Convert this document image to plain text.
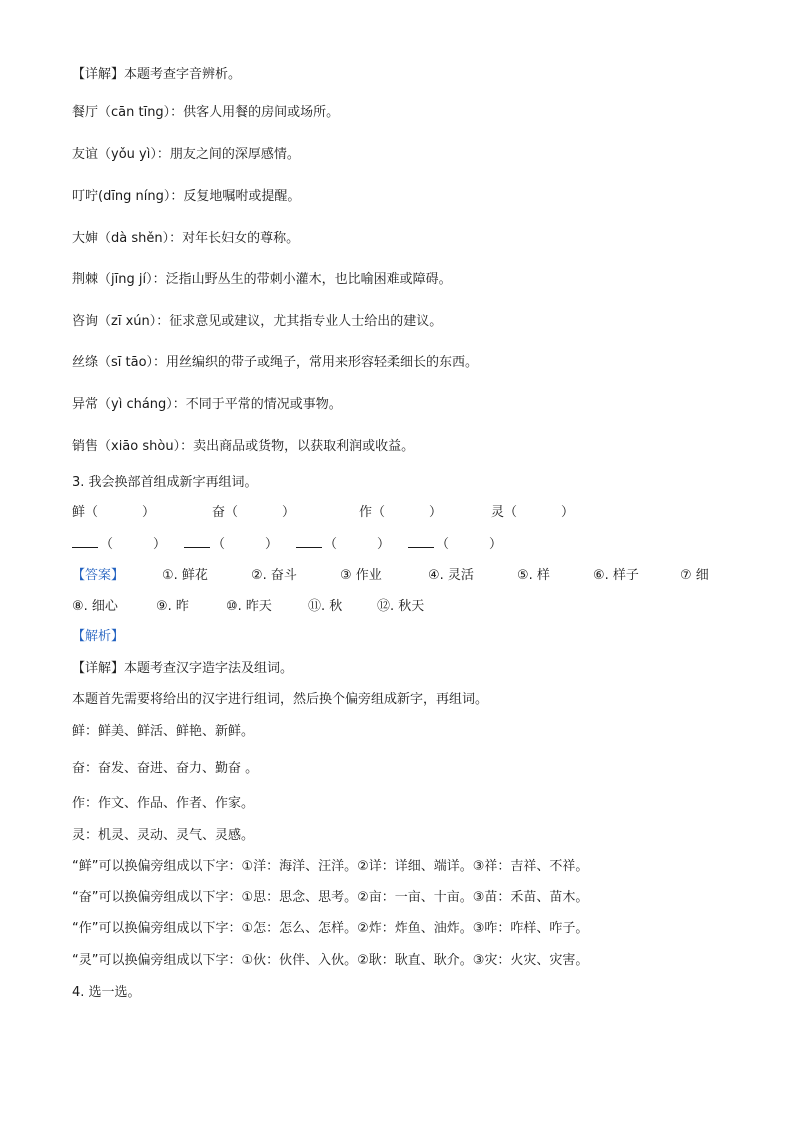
【详解】本题考查字音辨析。
餐厅（cān tīng）：供客人用餐的房间或场所。
友谊（yǒu yì）：朋友之间的深厚感情。
叮咛(dīng níng）：反复地嘱咐或提醒。
大婶（dà shěn）：对年长妇女的尊称。
荆棘（jīng jí）：泛指山野丛生的带刺小灌木，也比喻困难或障碍。
咨询（zī xún）：征求意见或建议，尤其指专业人士给出的建议。
丝绦（sī tāo）：用丝编织的带子或绳子，常用来形容轻柔细长的东西。
异常（yì cháng）：不同于平常的情况或事物。
销售（xiāo shòu）：卖出商品或货物，以获取利润或收益。
3. 我会换部首组成新字再组词。
鲜（	）	奋（	）	作（	）	灵（	）
（	）	（	）	（	）	（	）
【答案】	①. 鲜花	②. 奋斗	③ 作业	④. 灵活	⑤. 样	⑥. 样子	⑦ 细
⑧. 细心	⑨. 昨	⑩. 昨天	⑪. 秋	⑫. 秋天
【解析】
【详解】本题考查汉字造字法及组词。
本题首先需要将给出的汉字进行组词，然后换个偏旁组成新字，再组词。
鲜：鲜美、鲜活、鲜艳、新鲜。
奋：奋发、奋进、奋力、勤奋 。
作：作文、作品、作者、作家。
灵：机灵、灵动、灵气、灵感。
“鲜”可以换偏旁组成以下字：①洋：海洋、汪洋。②详：详细、端详。③祥：吉祥、不祥。
“奋”可以换偏旁组成以下字：①思：思念、思考。②亩：一亩、十亩。③苗：禾苗、苗木。
“作”可以换偏旁组成以下字：①怎：怎么、怎样。②炸：炸鱼、油炸。③咋：咋样、咋子。
“灵”可以换偏旁组成以下字：①伙：伙伴、入伙。②耿：耿直、耿介。③灾：火灾、灾害。
4. 选一选。
